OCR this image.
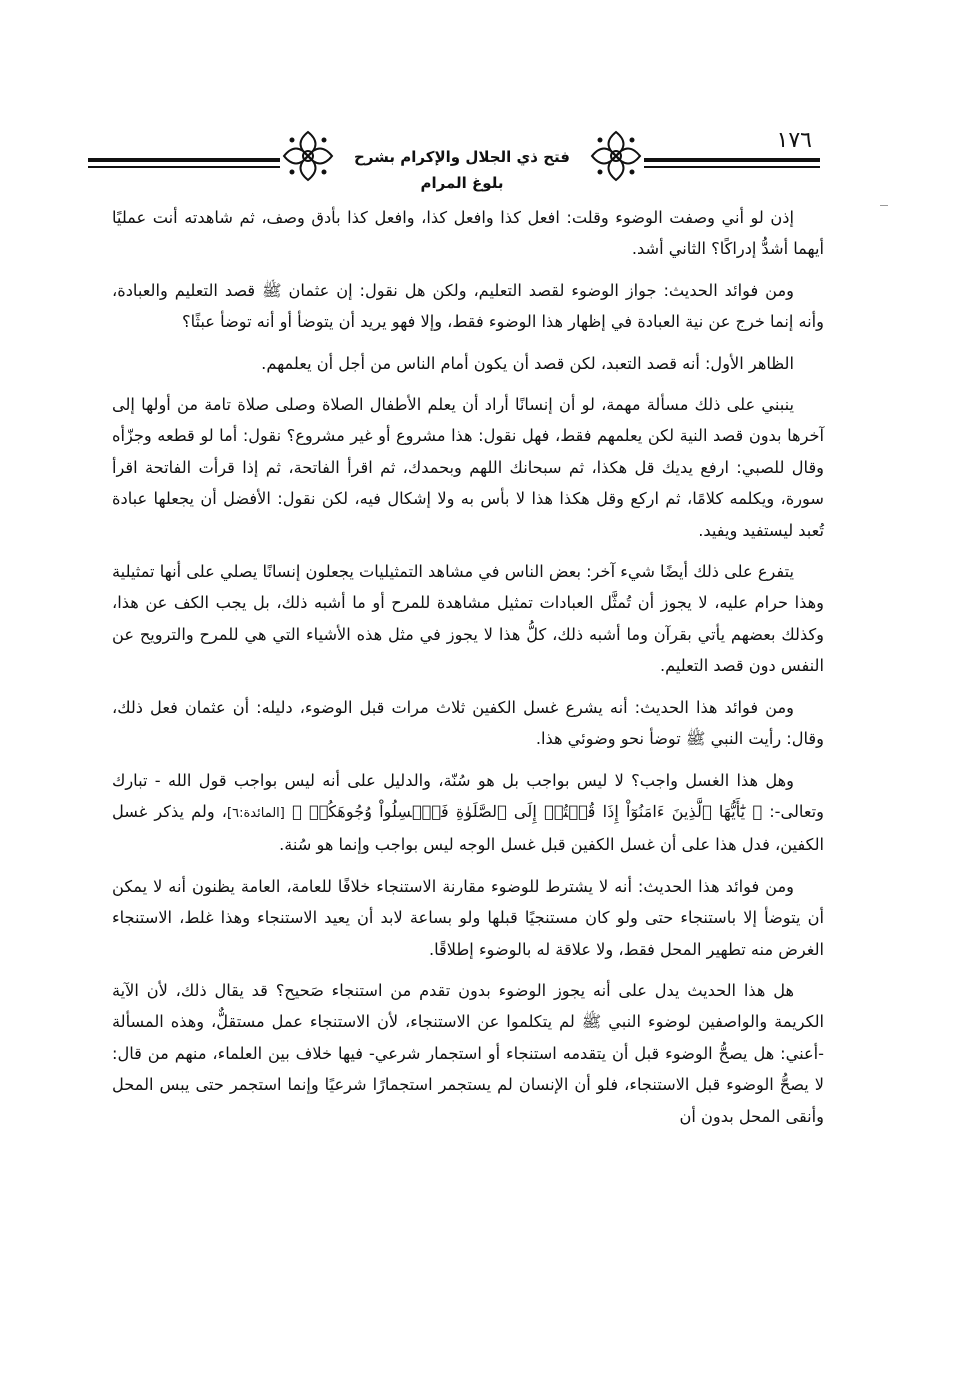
فتح ذي الجلال والإكرام بشرح بلوغ المرام
١٧٦

إذن لو أني وصفت الوضوء وقلت: افعل كذا وافعل كذا، وافعل كذا بأدق وصف، ثم شاهدته أنت عمليًا أيهما أشدُّ إدراكًا؟ الثاني أشد.

ومن فوائد الحديث: جواز الوضوء لقصد التعليم، ولكن هل نقول: إن عثمان ﷺ قصد التعليم والعبادة، وأنه إنما خرج عن نية العبادة في إظهار هذا الوضوء فقط، وإلا فهو يريد أن يتوضأ أو أنه توضأ عبثًا؟

الظاهر الأول: أنه قصد التعبد، لكن قصد أن يكون أمام الناس من أجل أن يعلمهم.

ينبني على ذلك مسألة مهمة، لو أن إنسانًا أراد أن يعلم الأطفال الصلاة وصلى صلاة تامة من أولها إلى آخرها بدون قصد النية لكن يعلمهم فقط، فهل نقول: هذا مشروع أو غير مشروع؟ نقول: أما لو قطعه وجزّأه وقال للصبي: ارفع يديك قل هكذا، ثم سبحانك اللهم وبحمدك، ثم اقرأ الفاتحة، ثم إذا قرأت الفاتحة اقرأ سورة، ويكلمه كلامًا، ثم اركع وقل هكذا هذا لا بأس به ولا إشكال فيه، لكن نقول: الأفضل أن يجعلها عبادة تُعبد ليستفيد ويفيد.

يتفرع على ذلك أيضًا شيء آخر: بعض الناس في مشاهد التمثيليات يجعلون إنسانًا يصلي على أنها تمثيلية وهذا حرام عليه، لا يجوز أن تُمثَّل العبادات تمثيل مشاهدة للمرح أو ما أشبه ذلك، بل يجب الكف عن هذا، وكذلك بعضهم يأتي بقرآن وما أشبه ذلك، كلُّ هذا لا يجوز في مثل هذه الأشياء التي هي للمرح والترويح عن النفس دون قصد التعليم.

ومن فوائد هذا الحديث: أنه يشرع غسل الكفين ثلاث مرات قبل الوضوء، دليله: أن عثمان فعل ذلك، وقال: رأيت النبي ﷺ توضأ نحو وضوئي هذا.

وهل هذا الغسل واجب؟ لا ليس بواجب بل هو سُنّة، والدليل على أنه ليس بواجب قول الله - تبارك وتعالى-: ﴿ يَٰٓأَيُّهَا ٱلَّذِينَ ءَامَنُوٓاْ إِذَا قُمۡتُمۡ إِلَى ٱلصَّلَوٰةِ فَٱغۡسِلُواْ وُجُوهَكُمۡ ﴾ [المائدة:٦]، ولم يذكر غسل الكفين، فدل هذا على أن غسل الكفين قبل غسل الوجه ليس بواجب وإنما هو سُنة.

ومن فوائد هذا الحديث: أنه لا يشترط للوضوء مقارنة الاستنجاء خلافًا للعامة، العامة يظنون أنه لا يمكن أن يتوضأ إلا باستنجاء حتى ولو كان مستنجيًا قبلها ولو بساعة لابد أن يعيد الاستنجاء وهذا غلط، الاستنجاء الغرض منه تطهير المحل فقط، ولا علاقة له بالوضوء إطلاقًا.

هل هذا الحديث يدل على أنه يجوز الوضوء بدون تقدم من استنجاء صَحيح؟ قد يقال ذلك، لأن الآية الكريمة والواصفين لوضوء النبي ﷺ لم يتكلموا عن الاستنجاء، لأن الاستنجاء عمل مستقلٌّ، وهذه المسألة -أعني: هل يصحُّ الوضوء قبل أن يتقدمه استنجاء أو استجمار شرعي- فيها خلاف بين العلماء، منهم من قال: لا يصحُّ الوضوء قبل الاستنجاء، فلو أن الإنسان لم يستجمر استجمارًا شرعيًا وإنما استجمر حتى يبس المحل وأنقى المحل بدون أن
